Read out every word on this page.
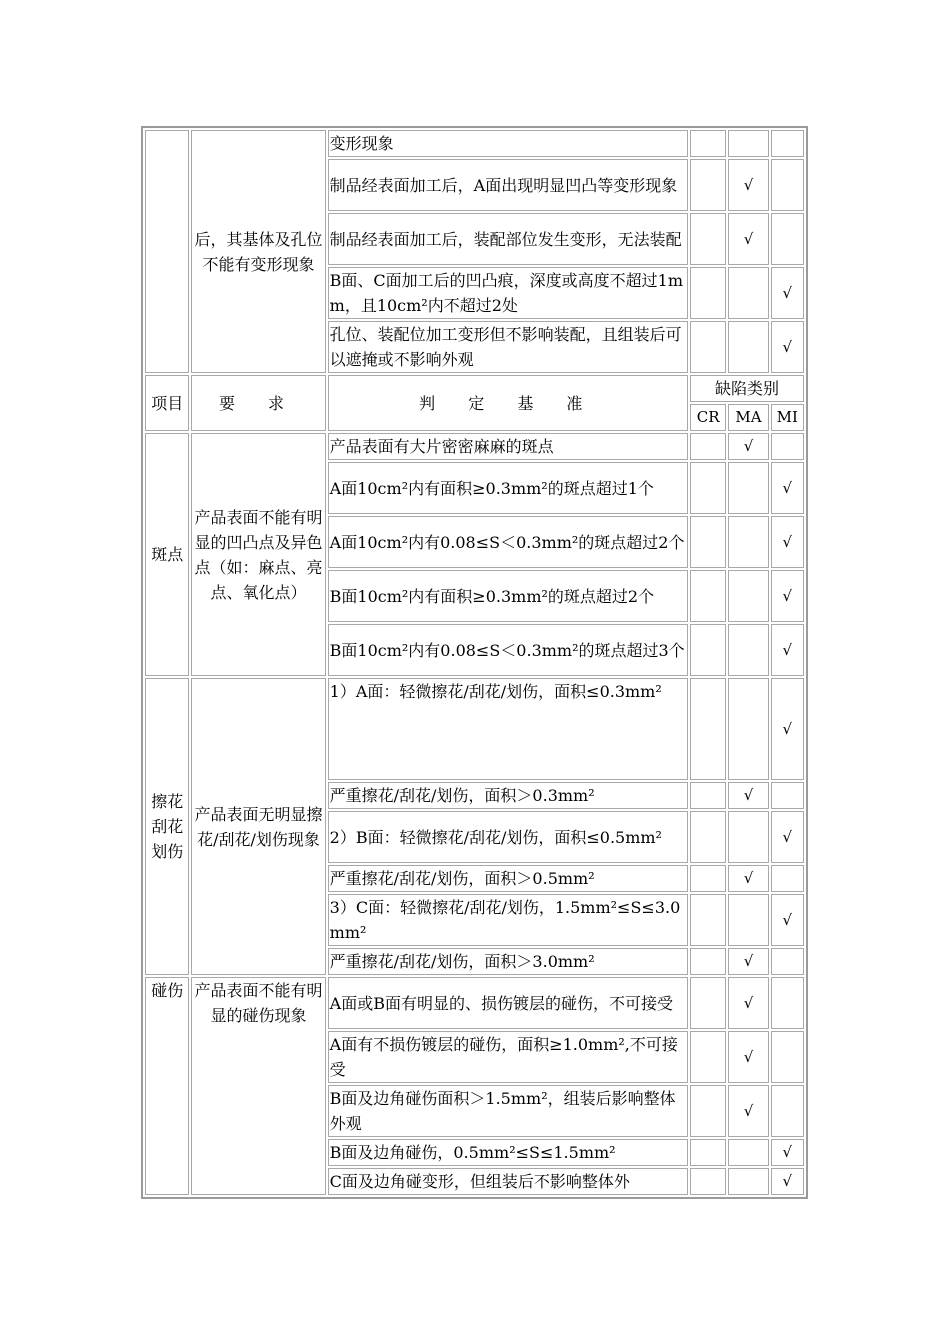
	后，其基体及孔位不能有变形现象	变形现象			
		制品经表面加工后，A面出现明显凹凸等变形现象		√	
		制品经表面加工后，装配部位发生变形，无法装配		√	
		B面、C面加工后的凹凸痕，深度或高度不超过1mm，且10cm²内不超过2处			√
		孔位、装配位加工变形但不影响装配，且组装后可以遮掩或不影响外观			√
项目	要 求	判 定 基 准	缺陷类别		
			CR	MA	MI
斑点	产品表面不能有明显的凹凸点及异色点（如：麻点、亮点、氧化点）	产品表面有大片密密麻麻的斑点		√	
		A面10cm²内有面积≥0.3mm²的斑点超过1个			√
		A面10cm²内有0.08≤S＜0.3mm²的斑点超过2个			√
		B面10cm²内有面积≥0.3mm²的斑点超过2个			√
		B面10cm²内有0.08≤S＜0.3mm²的斑点超过3个			√
擦花刮花划伤	产品表面无明显擦花/刮花/划伤现象	1）A面：轻微擦花/刮花/划伤，面积≤0.3mm²			√
		严重擦花/刮花/划伤，面积＞0.3mm²		√	
		2）B面：轻微擦花/刮花/划伤，面积≤0.5mm²			√
		严重擦花/刮花/划伤，面积＞0.5mm²		√	
		3）C面：轻微擦花/刮花/划伤，1.5mm²≤S≤3.0mm²			√
		严重擦花/刮花/划伤，面积＞3.0mm²		√	
碰伤	产品表面不能有明显的碰伤现象	A面或B面有明显的、损伤镀层的碰伤，不可接受		√	
		A面有不损伤镀层的碰伤，面积≥1.0mm²,不可接受		√	
		B面及边角碰伤面积＞1.5mm²，组装后影响整体外观		√	
		B面及边角碰伤，0.5mm²≤S≤1.5mm²			√
		C面及边角碰变形，但组装后不影响整体外			√
